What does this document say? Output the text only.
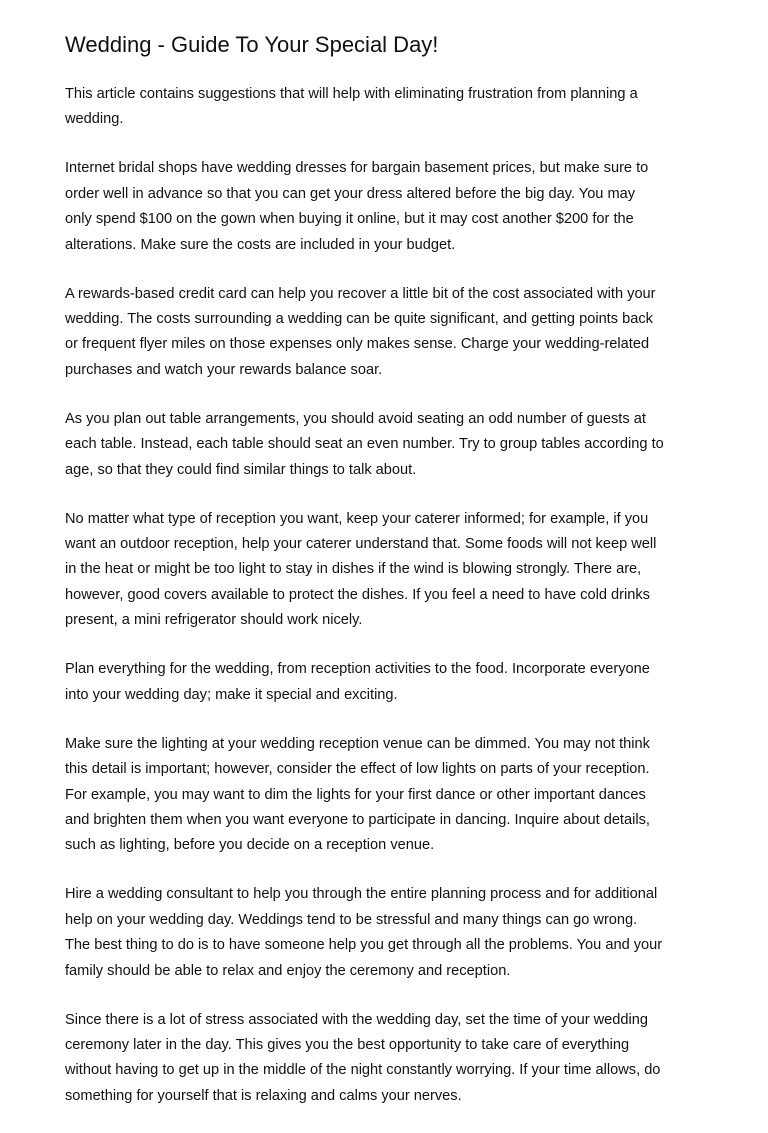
Wedding - Guide To Your Special Day!

This article contains suggestions that will help with eliminating frustration from planning a
wedding.

Internet bridal shops have wedding dresses for bargain basement prices, but make sure to
order well in advance so that you can get your dress altered before the big day. You may
only spend $100 on the gown when buying it online, but it may cost another $200 for the
alterations. Make sure the costs are included in your budget.

A rewards-based credit card can help you recover a little bit of the cost associated with your
wedding. The costs surrounding a wedding can be quite significant, and getting points back
or frequent flyer miles on those expenses only makes sense. Charge your wedding-related
purchases and watch your rewards balance soar.

As you plan out table arrangements, you should avoid seating an odd number of guests at
each table. Instead, each table should seat an even number. Try to group tables according to
age, so that they could find similar things to talk about.

No matter what type of reception you want, keep your caterer informed; for example, if you
want an outdoor reception, help your caterer understand that. Some foods will not keep well
in the heat or might be too light to stay in dishes if the wind is blowing strongly. There are,
however, good covers available to protect the dishes. If you feel a need to have cold drinks
present, a mini refrigerator should work nicely.

Plan everything for the wedding, from reception activities to the food. Incorporate everyone
into your wedding day; make it special and exciting.

Make sure the lighting at your wedding reception venue can be dimmed. You may not think
this detail is important; however, consider the effect of low lights on parts of your reception.
For example, you may want to dim the lights for your first dance or other important dances
and brighten them when you want everyone to participate in dancing. Inquire about details,
such as lighting, before you decide on a reception venue.

Hire a wedding consultant to help you through the entire planning process and for additional
help on your wedding day. Weddings tend to be stressful and many things can go wrong.
The best thing to do is to have someone help you get through all the problems. You and your
family should be able to relax and enjoy the ceremony and reception.

Since there is a lot of stress associated with the wedding day, set the time of your wedding
ceremony later in the day. This gives you the best opportunity to take care of everything
without having to get up in the middle of the night constantly worrying. If your time allows, do
something for yourself that is relaxing and calms your nerves.
